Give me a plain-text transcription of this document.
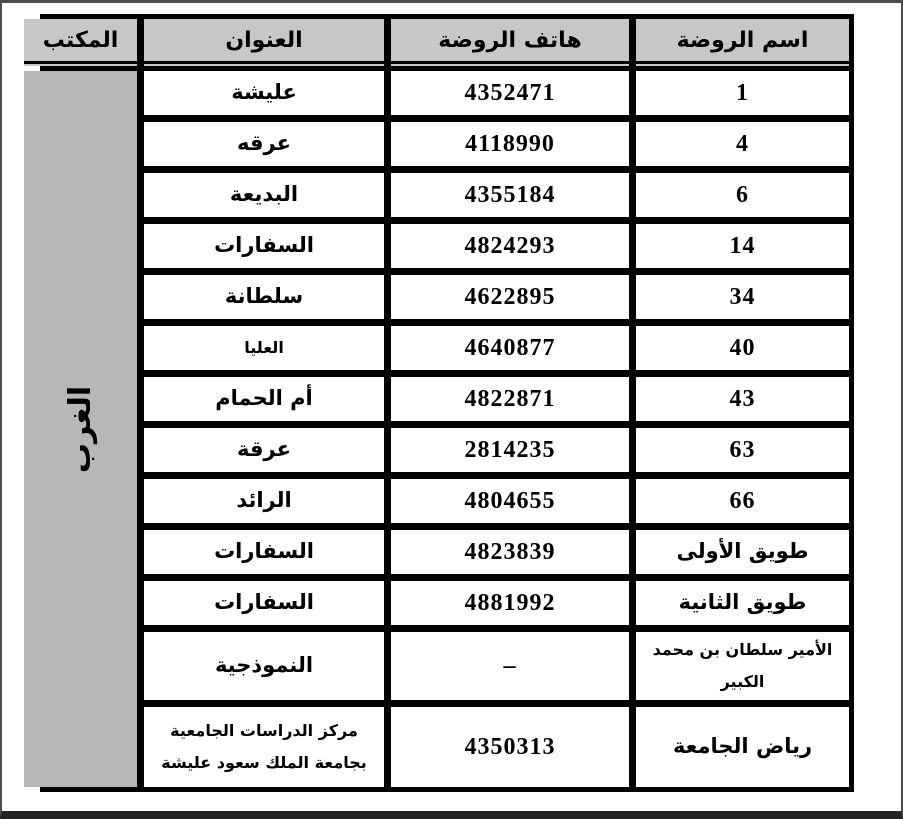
اسم الروضة
هاتف الروضة
العنوان
المكتب
الغرب
1
4352471
عليشة
4
4118990
عرقه
6
4355184
البديعة
14
4824293
السفارات
34
4622895
سلطانة
40
4640877
العليا
43
4822871
أم الحمام
63
2814235
عرقة
66
4804655
الرائد
طويق الأولى
4823839
السفارات
طويق الثانية
4881992
السفارات
الأمير سلطان بن محمد الكبير
–
النموذجية
رياض الجامعة
4350313
مركز الدراسات الجامعية بجامعة الملك سعود عليشة
